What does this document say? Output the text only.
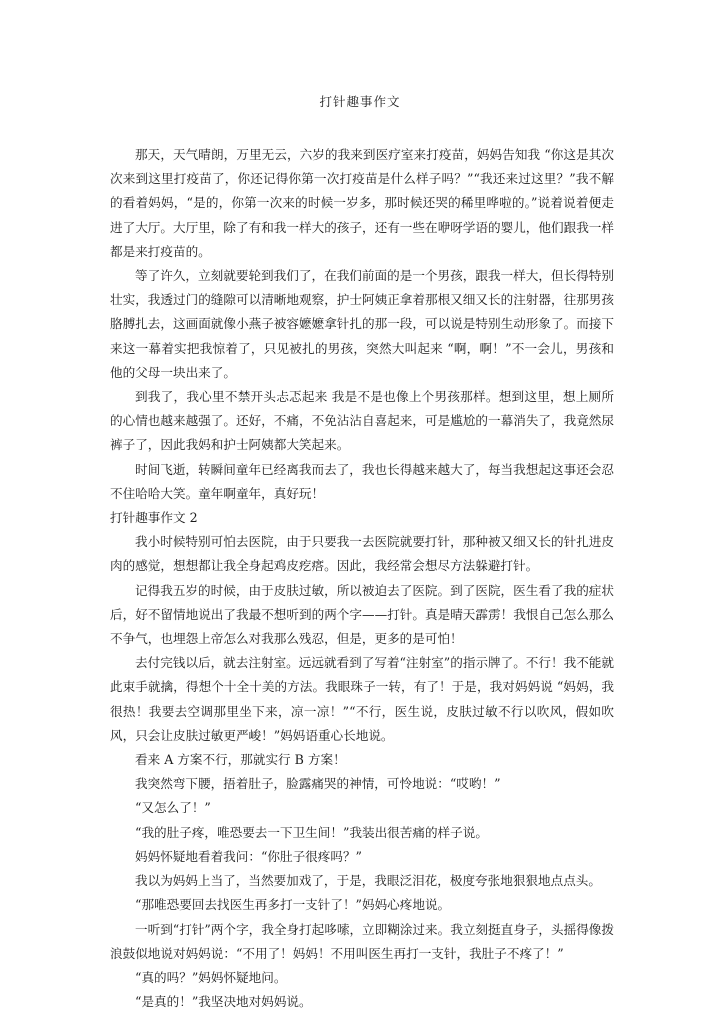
打针趣事作文

那天，天气晴朗，万里无云，六岁的我来到医疗室来打疫苗，妈妈告知我 “你这是其次次来到这里打疫苗了，你还记得你第一次打疫苗是什么样子吗？”“我还来过这里？”我不解的看着妈妈，“是的，你第一次来的时候一岁多，那时候还哭的稀里哗啦的。”说着说着便走进了大厅。大厅里，除了有和我一样大的孩子，还有一些在咿呀学语的婴儿，他们跟我一样都是来打疫苗的。

等了许久，立刻就要轮到我们了，在我们前面的是一个男孩，跟我一样大，但长得特别壮实，我透过门的缝隙可以清晰地观察，护士阿姨正拿着那根又细又长的注射器，往那男孩胳膊扎去，这画面就像小燕子被容嬷嬷拿针扎的那一段，可以说是特别生动形象了。而接下来这一幕着实把我惊着了，只见被扎的男孩，突然大叫起来 “啊，啊！”不一会儿，男孩和他的父母一块出来了。

到我了，我心里不禁开头忐忑起来 我是不是也像上个男孩那样。想到这里，想上厕所的心情也越来越强了。还好，不痛，不免沾沾自喜起来，可是尴尬的一幕消失了，我竟然尿裤子了，因此我妈和护士阿姨都大笑起来。

时间飞逝，转瞬间童年已经离我而去了，我也长得越来越大了，每当我想起这事还会忍不住哈哈大笑。童年啊童年，真好玩！

打针趣事作文 2

我小时候特别可怕去医院，由于只要我一去医院就要打针，那种被又细又长的针扎进皮肉的感觉，想想都让我全身起鸡皮疙瘩。因此，我经常会想尽方法躲避打针。

记得我五岁的时候，由于皮肤过敏，所以被迫去了医院。到了医院，医生看了我的症状后，好不留情地说出了我最不想听到的两个字——打针。真是晴天霹雳！我恨自己怎么那么不争气，也埋怨上帝怎么对我那么残忍，但是，更多的是可怕！

去付完钱以后，就去注射室。远远就看到了写着“注射室”的指示牌了。不行！我不能就此束手就擒，得想个十全十美的方法。我眼珠子一转，有了！于是，我对妈妈说 “妈妈，我很热！我要去空调那里坐下来，凉一凉！”“不行，医生说，皮肤过敏不行以吹风，假如吹风，只会让皮肤过敏更严峻！”妈妈语重心长地说。

看来 A 方案不行，那就实行 B 方案！

我突然弯下腰，捂着肚子，脸露痛哭的神情，可怜地说：“哎哟！”

“又怎么了！”

“我的肚子疼，唯恐要去一下卫生间！”我装出很苦痛的样子说。

妈妈怀疑地看着我问：“你肚子很疼吗？”

我以为妈妈上当了，当然要加戏了，于是，我眼泛泪花，极度夸张地狠狠地点点头。

“那唯恐要回去找医生再多打一支针了！”妈妈心疼地说。

一听到“打针”两个字，我全身打起哆嗦，立即糊涂过来。我立刻挺直身子，头摇得像拨浪鼓似地说对妈妈说：“不用了！妈妈！不用叫医生再打一支针，我肚子不疼了！”

“真的吗？”妈妈怀疑地问。

“是真的！”我坚决地对妈妈说。
